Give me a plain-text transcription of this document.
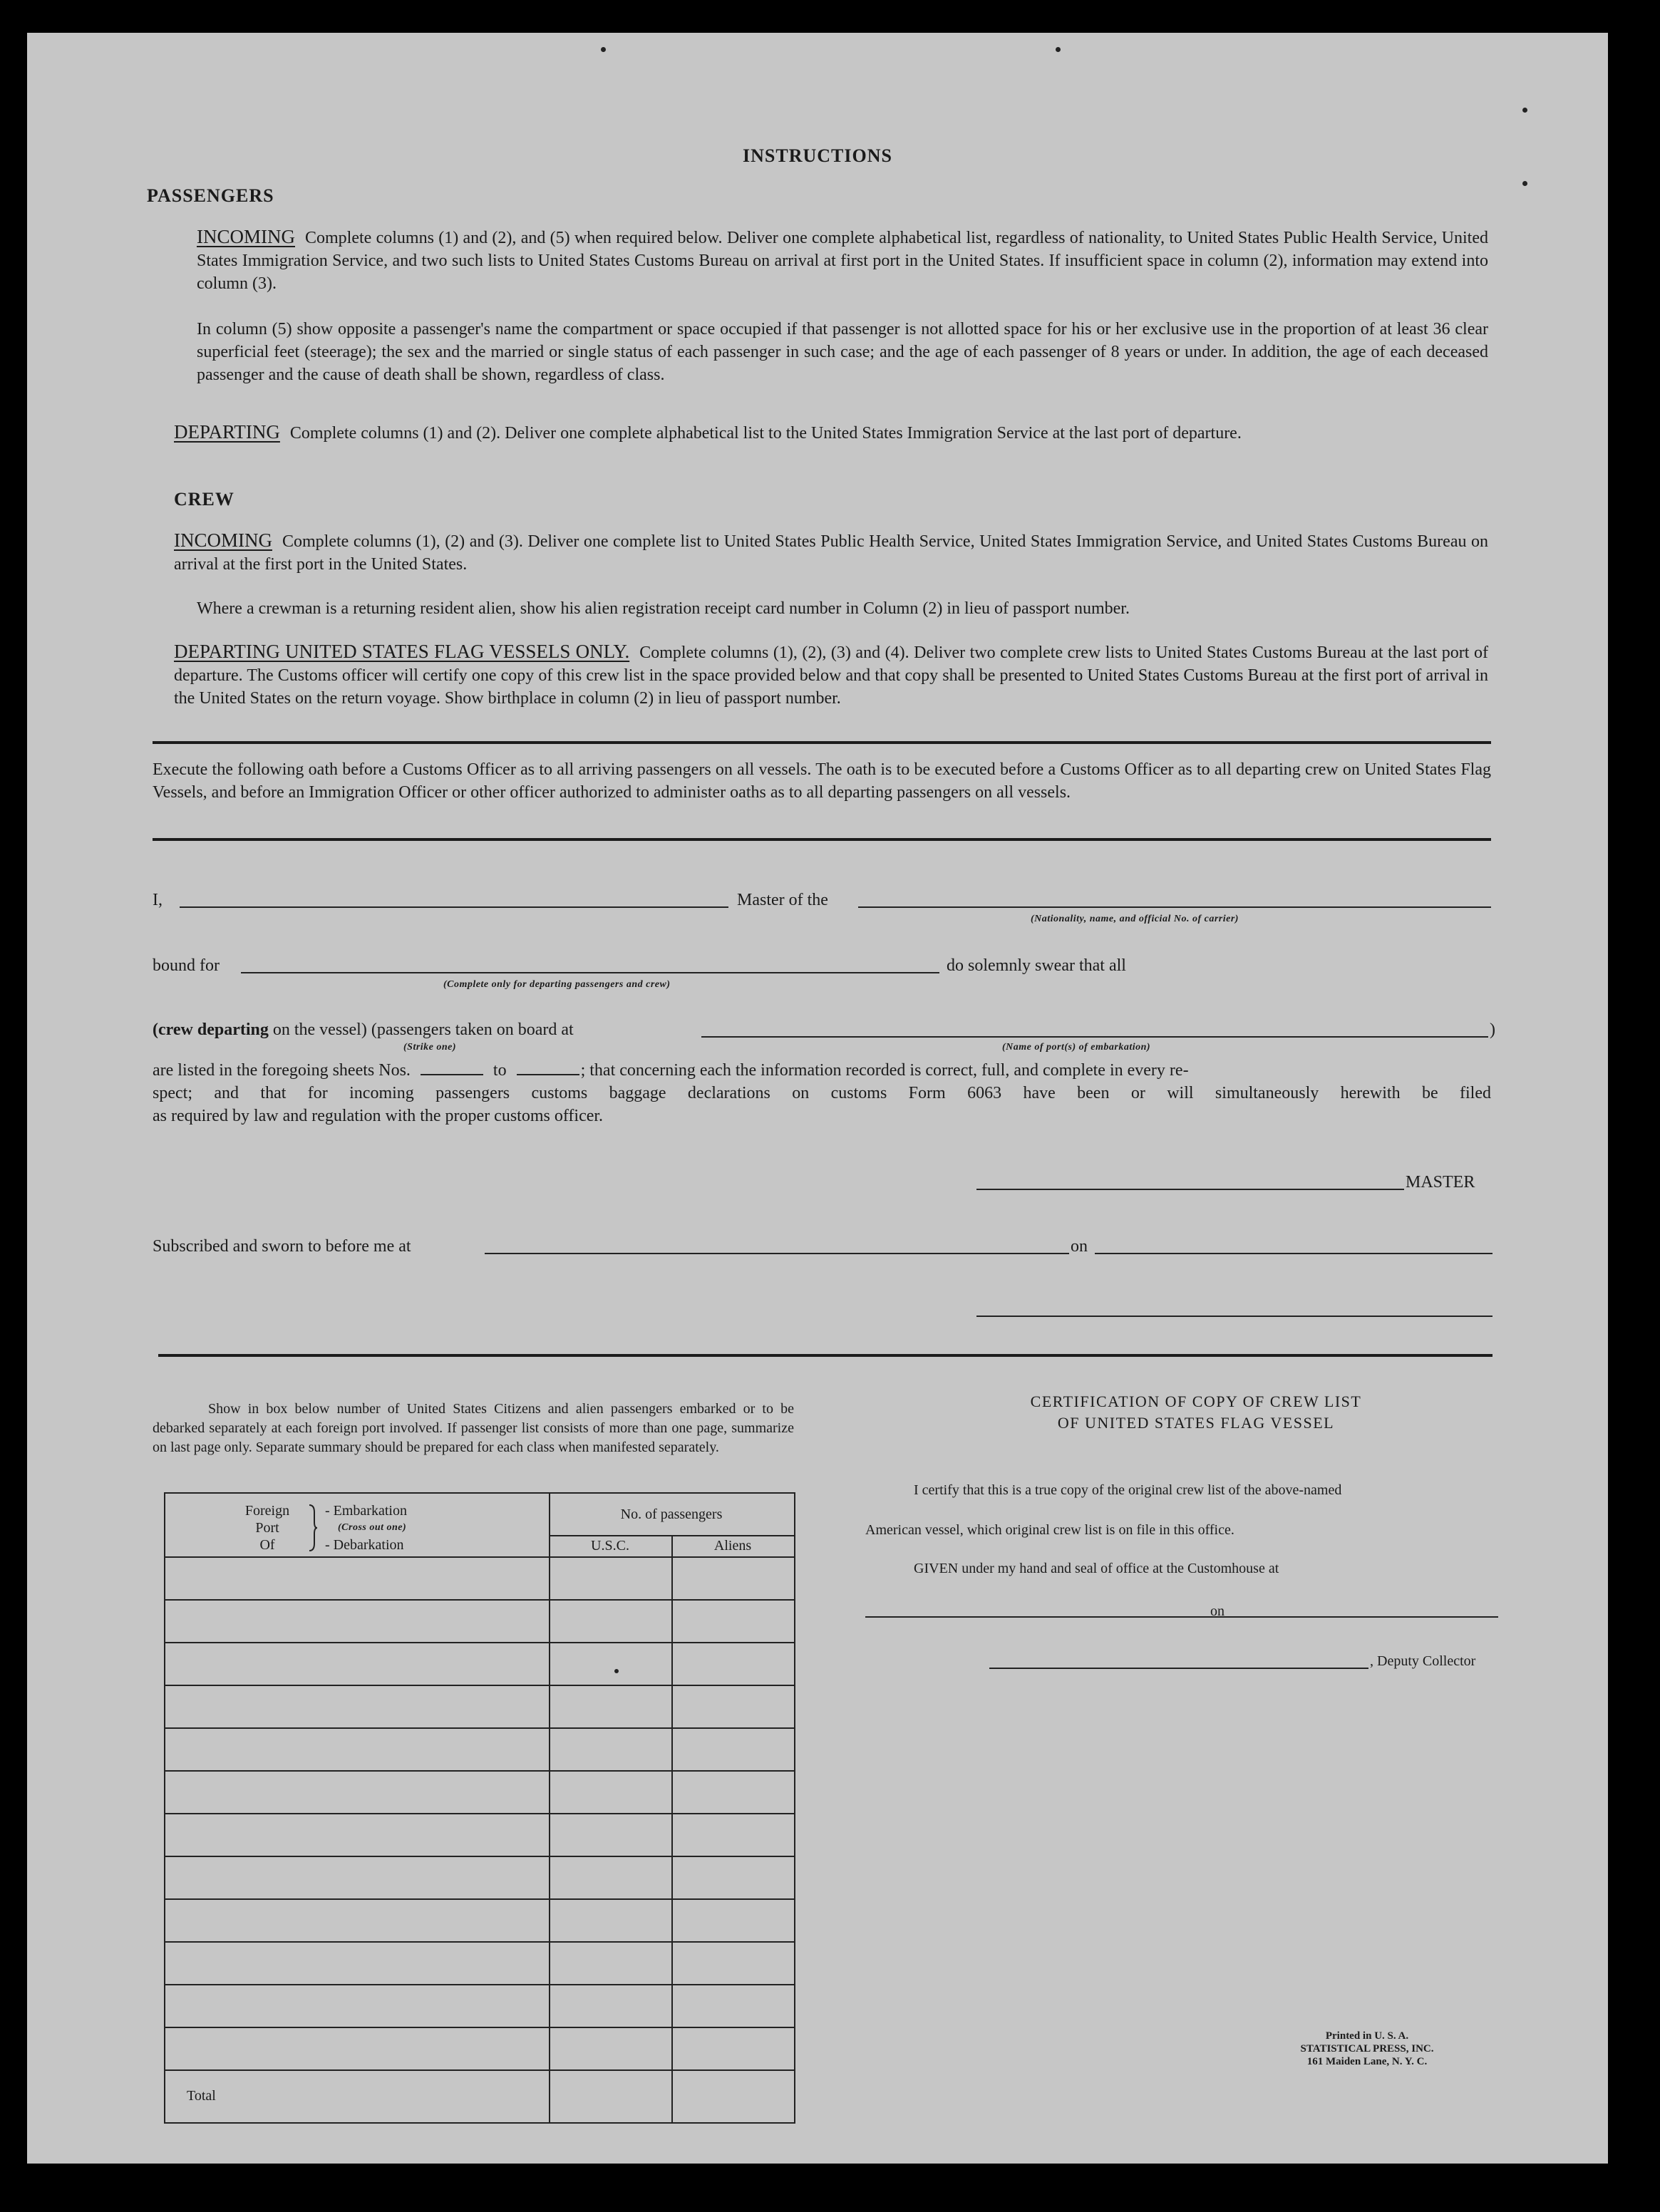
INSTRUCTIONS
PASSENGERS
INCOMING Complete columns (1) and (2), and (5) when required below. Deliver one complete alphabetical list, regardless of nationality, to United States Public Health Service, United States Immigration Service, and two such lists to United States Customs Bureau on arrival at first port in the United States. If insufficient space in column (2), information may extend into column (3).
In column (5) show opposite a passenger's name the compartment or space occupied if that passenger is not allotted space for his or her exclusive use in the proportion of at least 36 clear superficial feet (steerage); the sex and the married or single status of each passenger in such case; and the age of each passenger of 8 years or under. In addition, the age of each deceased passenger and the cause of death shall be shown, regardless of class.
DEPARTING Complete columns (1) and (2). Deliver one complete alphabetical list to the United States Immigration Service at the last port of departure.
CREW
INCOMING Complete columns (1), (2) and (3). Deliver one complete list to United States Public Health Service, United States Immigration Service, and United States Customs Bureau on arrival at the first port in the United States.
Where a crewman is a returning resident alien, show his alien registration receipt card number in Column (2) in lieu of passport number.
DEPARTING UNITED STATES FLAG VESSELS ONLY. Complete columns (1), (2), (3) and (4). Deliver two complete crew lists to United States Customs Bureau at the last port of departure. The Customs officer will certify one copy of this crew list in the space provided below and that copy shall be presented to United States Customs Bureau at the first port of arrival in the United States on the return voyage. Show birthplace in column (2) in lieu of passport number.
Execute the following oath before a Customs Officer as to all arriving passengers on all vessels. The oath is to be executed before a Customs Officer as to all departing crew on United States Flag Vessels, and before an Immigration Officer or other officer authorized to administer oaths as to all departing passengers on all vessels.
I,	Master of the
(Nationality, name, and official No. of carrier)
bound for
(Complete only for departing passengers and crew)
do solemnly swear that all
(crew departing on the vessel) (passengers taken on board at	)
(Strike one)	(Name of port(s) of embarkation)
are listed in the foregoing sheets Nos.	to	; that concerning each the information recorded is correct, full, and complete in every re-
spect; and that for incoming passengers customs baggage declarations on customs Form 6063 have been or will simultaneously herewith be filed
as required by law and regulation with the proper customs officer.
MASTER
Subscribed and sworn to before me at	on
Show in box below number of United States Citizens and alien passengers embarked or to be debarked separately at each foreign port involved. If passenger list consists of more than one page, summarize on last page only. Separate summary should be prepared for each class when manifested separately.
Foreign
Port
Of
- Embarkation
(Cross out one)
- Debarkation
No. of passengers
U.S.C.	Aliens
Total
CERTIFICATION OF COPY OF CREW LIST
OF UNITED STATES FLAG VESSEL
I certify that this is a true copy of the original crew list of the above-named
American vessel, which original crew list is on file in this office.
GIVEN under my hand and seal of office at the Customhouse at
on
, Deputy Collector
Printed in U. S. A.
STATISTICAL PRESS, INC.
161 Maiden Lane, N. Y. C.
